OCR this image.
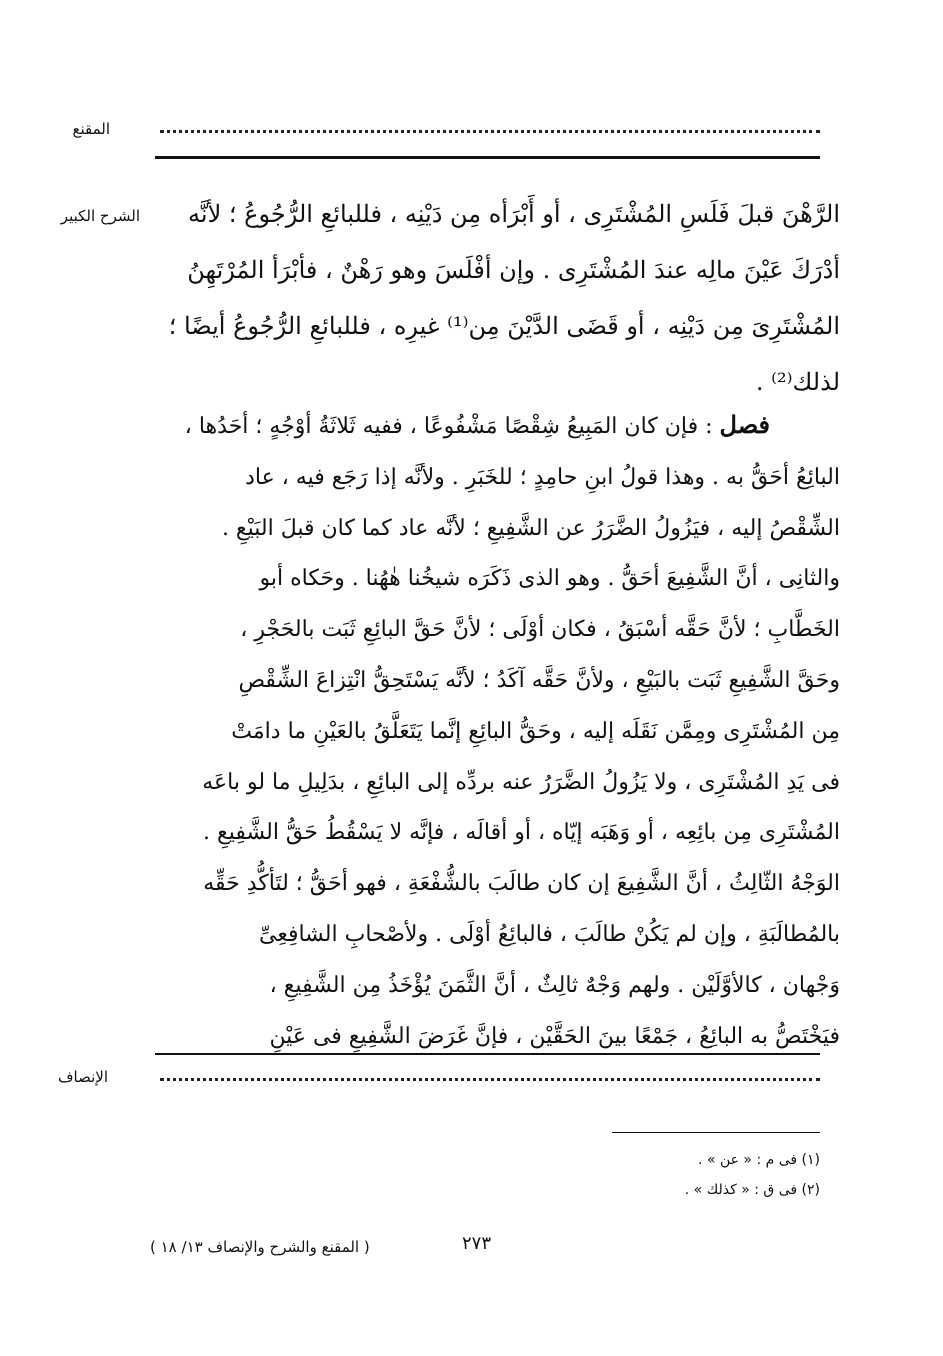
المقنع
الشرح الكبير	الرَّهْنَ قبلَ فَلَسِ المُشْتَرِى ، أو أَبْرَأه مِن دَيْنِه ، فللبائعِ الرُّجُوعُ ؛ لأنَّه
أدْرَكَ عَيْنَ مالِه عندَ المُشْتَرِى . وإن أفْلَسَ وهو رَهْنٌ ، فأبْرَأ المُرْتَهِنُ
المُشْتَرِىَ مِن دَيْنِه ، أو قَضَى الدَّيْنَ مِن⁽¹⁾ غيرِه ، فللبائعِ الرُّجُوعُ أيضًا ؛
لذلك⁽²⁾ .
فصل : فإن كان المَبِيعُ شِقْصًا مَشْفُوعًا ، ففيه ثَلاثَةُ أوْجُهٍ ؛ أحَدُها ،
البائِعُ أحَقُّ به . وهذا قولُ ابنِ حامِدٍ ؛ للخَبَرِ . ولأنَّه إذا رَجَع فيه ، عاد
الشِّقْصُ إليه ، فيَزُولُ الضَّرَرُ عن الشَّفِيعِ ؛ لأنَّه عاد كما كان قبلَ البَيْعِ .
والثانِى ، أنَّ الشَّفِيعَ أحَقُّ . وهو الذى ذَكَرَه شيخُنا هٰهُنا . وحَكاه أبو
الخَطَّابِ ؛ لأنَّ حَقَّه أسْبَقُ ، فكان أوْلَى ؛ لأنَّ حَقَّ البائِعِ ثَبَت بالحَجْرِ ،
وحَقَّ الشَّفِيعِ ثَبَت بالبَيْعِ ، ولأنَّ حَقَّه آكَدُ ؛ لأنَّه يَسْتَحِقُّ انْتِزاعَ الشِّقْصِ
مِن المُشْتَرِى ومِمَّن نَقَلَه إليه ، وحَقُّ البائِعِ إنَّما يَتَعَلَّقُ بالعَيْنِ ما دامَتْ
فى يَدِ المُشْتَرِى ، ولا يَزُولُ الضَّرَرُ عنه بردِّه إلى البائِعِ ، بدَلِيلِ ما لو باعَه
المُشْتَرِى مِن بائِعِه ، أو وَهَبَه إيّاه ، أو أقالَه ، فإنَّه لا يَسْقُطُ حَقُّ الشَّفِيعِ .
الوَجْهُ الثّالِثُ ، أنَّ الشَّفِيعَ إن كان طالَبَ بالشُّفْعَةِ ، فهو أحَقُّ ؛ لتَأكُّدِ حَقِّه
بالمُطالَبَةِ ، وإن لم يَكُنْ طالَبَ ، فالبائِعُ أوْلَى . ولأصْحابِ الشافِعِىِّ
وَجْهان ، كالأوَّلَيْن . ولهم وَجْهٌ ثالِثٌ ، أنَّ الثَّمَنَ يُؤْخَذُ مِن الشَّفِيعِ ،
فيَخْتَصُّ به البائِعُ ، جَمْعًا بينَ الحَقَّيْن ، فإنَّ غَرَضَ الشَّفِيعِ فى عَيْنِ
الإنصاف
(١) فى م : « عن » .
(٢) فى ق : « كذلك » .
( المقنع والشرح والإنصاف ١٣/ ١٨ )	٢٧٣
